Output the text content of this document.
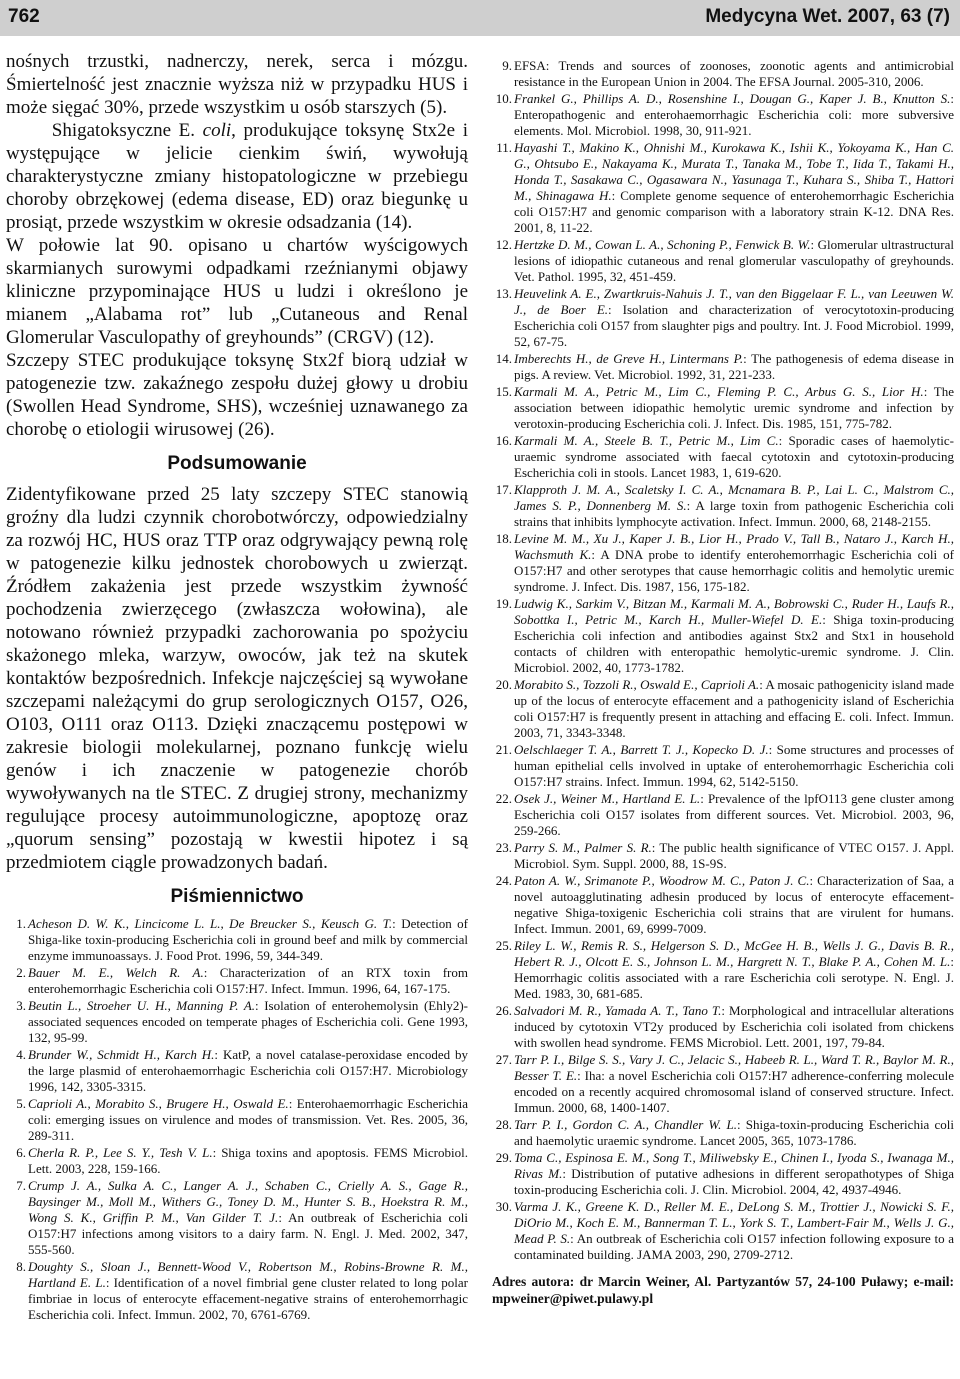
762	Medycyna Wet. 2007, 63 (7)

nośnych trzustki, nadnerczy, nerek, serca i mózgu. Śmiertelność jest znacznie wyższa niż w przypadku HUS i może sięgać 30%, przede wszystkim u osób starszych (5).

Shigatoksyczne E. coli, produkujące toksynę Stx2e i występujące w jelicie cienkim świń, wywołują charakterystyczne zmiany histopatologiczne w przebiegu choroby obrzękowej (edema disease, ED) oraz biegunkę u prosiąt, przede wszystkim w okresie odsadzania (14).

W połowie lat 90. opisano u chartów wyścigowych skarmianych surowymi odpadkami rzeźnianymi objawy kliniczne przypominające HUS u ludzi i określono je mianem „Alabama rot” lub „Cutaneous and Renal Glomerular Vasculopathy of greyhounds” (CRGV) (12).

Szczepy STEC produkujące toksynę Stx2f biorą udział w patogenezie tzw. zakaźnego zespołu dużej głowy u drobiu (Swollen Head Syndrome, SHS), wcześniej uznawanego za chorobę o etiologii wirusowej (26).

Podsumowanie

Zidentyfikowane przed 25 laty szczepy STEC stanowią groźny dla ludzi czynnik chorobotwórczy, odpowiedzialny za rozwój HC, HUS oraz TTP oraz odgrywający pewną rolę w patogenezie kilku jednostek chorobowych u zwierząt. Źródłem zakażenia jest przede wszystkim żywność pochodzenia zwierzęcego (zwłaszcza wołowina), ale notowano również przypadki zachorowania po spożyciu skażonego mleka, warzyw, owoców, jak też na skutek kontaktów bezpośrednich. Infekcje najczęściej są wywołane szczepami należącymi do grup serologicznych O157, O26, O103, O111 oraz O113. Dzięki znaczącemu postępowi w zakresie biologii molekularnej, poznano funkcję wielu genów i ich znaczenie w patogenezie chorób wywoływanych na tle STEC. Z drugiej strony, mechanizmy regulujące procesy autoimmunologiczne, apoptozę oraz „quorum sensing” pozostają w kwestii hipotez i są przedmiotem ciągle prowadzonych badań.

Piśmiennictwo
1. Acheson D. W. K., Lincicome L. L., De Breucker S., Keusch G. T.: Detection of Shiga-like toxin-producing Escherichia coli in ground beef and milk by commercial enzyme immunoassays. J. Food Prot. 1996, 59, 344-349.
2. Bauer M. E., Welch R. A.: Characterization of an RTX toxin from enterohemorrhagic Escherichia coli O157:H7. Infect. Immun. 1996, 64, 167-175.
3. Beutin L., Stroeher U. H., Manning P. A.: Isolation of enterohemolysin (Ehly2)-associated sequences encoded on temperate phages of Escherichia coli. Gene 1993, 132, 95-99.
4. Brunder W., Schmidt H., Karch H.: KatP, a novel catalase-peroxidase encoded by the large plasmid of enterohaemorrhagic Escherichia coli O157:H7. Microbiology 1996, 142, 3305-3315.
5. Caprioli A., Morabito S., Brugere H., Oswald E.: Enterohaemorrhagic Escherichia coli: emerging issues on virulence and modes of transmission. Vet. Res. 2005, 36, 289-311.
6. Cherla R. P., Lee S. Y., Tesh V. L.: Shiga toxins and apoptosis. FEMS Microbiol. Lett. 2003, 228, 159-166.
7. Crump J. A., Sulka A. C., Langer A. J., Schaben C., Crielly A. S., Gage R., Baysinger M., Moll M., Withers G., Toney D. M., Hunter S. B., Hoekstra R. M., Wong S. K., Griffin P. M., Van Gilder T. J.: An outbreak of Escherichia coli O157:H7 infections among visitors to a dairy farm. N. Engl. J. Med. 2002, 347, 555-560.
8. Doughty S., Sloan J., Bennett-Wood V., Robertson M., Robins-Browne R. M., Hartland E. L.: Identification of a novel fimbrial gene cluster related to long polar fimbriae in locus of enterocyte effacement-negative strains of enterohemorrhagic Escherichia coli. Infect. Immun. 2002, 70, 6761-6769.
9. EFSA: Trends and sources of zoonoses, zoonotic agents and antimicrobial resistance in the European Union in 2004. The EFSA Journal. 2005-310, 2006.
10. Frankel G., Phillips A. D., Rosenshine I., Dougan G., Kaper J. B., Knutton S.: Enteropathogenic and enterohaemorrhagic Escherichia coli: more subversive elements. Mol. Microbiol. 1998, 30, 911-921.
11. Hayashi T., Makino K., Ohnishi M., Kurokawa K., Ishii K., Yokoyama K., Han C. G., Ohtsubo E., Nakayama K., Murata T., Tanaka M., Tobe T., Iida T., Takami H., Honda T., Sasakawa C., Ogasawara N., Yasunaga T., Kuhara S., Shiba T., Hattori M., Shinagawa H.: Complete genome sequence of enterohemorrhagic Escherichia coli O157:H7 and genomic comparison with a laboratory strain K-12. DNA Res. 2001, 8, 11-22.
12. Hertzke D. M., Cowan L. A., Schoning P., Fenwick B. W.: Glomerular ultrastructural lesions of idiopathic cutaneous and renal glomerular vasculopathy of greyhounds. Vet. Pathol. 1995, 32, 451-459.
13. Heuvelink A. E., Zwartkruis-Nahuis J. T., van den Biggelaar F. L., van Leeuwen W. J., de Boer E.: Isolation and characterization of verocytotoxin-producing Escherichia coli O157 from slaughter pigs and poultry. Int. J. Food Microbiol. 1999, 52, 67-75.
14. Imberechts H., de Greve H., Lintermans P.: The pathogenesis of edema disease in pigs. A review. Vet. Microbiol. 1992, 31, 221-233.
15. Karmali M. A., Petric M., Lim C., Fleming P. C., Arbus G. S., Lior H.: The association between idiopathic hemolytic uremic syndrome and infection by verotoxin-producing Escherichia coli. J. Infect. Dis. 1985, 151, 775-782.
16. Karmali M. A., Steele B. T., Petric M., Lim C.: Sporadic cases of haemolytic-uraemic syndrome associated with faecal cytotoxin and cytotoxin-producing Escherichia coli in stools. Lancet 1983, 1, 619-620.
17. Klapproth J. M. A., Scaletsky I. C. A., Mcnamara B. P., Lai L. C., Malstrom C., James S. P., Donnenberg M. S.: A large toxin from pathogenic Escherichia coli strains that inhibits lymphocyte activation. Infect. Immun. 2000, 68, 2148-2155.
18. Levine M. M., Xu J., Kaper J. B., Lior H., Prado V., Tall B., Nataro J., Karch H., Wachsmuth K.: A DNA probe to identify enterohemorrhagic Escherichia coli of O157:H7 and other serotypes that cause hemorrhagic colitis and hemolytic uremic syndrome. J. Infect. Dis. 1987, 156, 175-182.
19. Ludwig K., Sarkim V., Bitzan M., Karmali M. A., Bobrowski C., Ruder H., Laufs R., Sobottka I., Petric M., Karch H., Muller-Wiefel D. E.: Shiga toxin-producing Escherichia coli infection and antibodies against Stx2 and Stx1 in household contacts of children with enteropathic hemolytic-uremic syndrome. J. Clin. Microbiol. 2002, 40, 1773-1782.
20. Morabito S., Tozzoli R., Oswald E., Caprioli A.: A mosaic pathogenicity island made up of the locus of enterocyte effacement and a pathogenicity island of Escherichia coli O157:H7 is frequently present in attaching and effacing E. coli. Infect. Immun. 2003, 71, 3343-3348.
21. Oelschlaeger T. A., Barrett T. J., Kopecko D. J.: Some structures and processes of human epithelial cells involved in uptake of enterohemorrhagic Escherichia coli O157:H7 strains. Infect. Immun. 1994, 62, 5142-5150.
22. Osek J., Weiner M., Hartland E. L.: Prevalence of the lpfO113 gene cluster among Escherichia coli O157 isolates from different sources. Vet. Microbiol. 2003, 96, 259-266.
23. Parry S. M., Palmer S. R.: The public health significance of VTEC O157. J. Appl. Microbiol. Sym. Suppl. 2000, 88, 1S-9S.
24. Paton A. W., Srimanote P., Woodrow M. C., Paton J. C.: Characterization of Saa, a novel autoagglutinating adhesin produced by locus of enterocyte effacement-negative Shiga-toxigenic Escherichia coli strains that are virulent for humans. Infect. Immun. 2001, 69, 6999-7009.
25. Riley L. W., Remis R. S., Helgerson S. D., McGee H. B., Wells J. G., Davis B. R., Hebert R. J., Olcott E. S., Johnson L. M., Hargrett N. T., Blake P. A., Cohen M. L.: Hemorrhagic colitis associated with a rare Escherichia coli serotype. N. Engl. J. Med. 1983, 30, 681-685.
26. Salvadori M. R., Yamada A. T., Tano T.: Morphological and intracellular alterations induced by cytotoxin VT2y produced by Escherichia coli isolated from chickens with swollen head syndrome. FEMS Microbiol. Lett. 2001, 197, 79-84.
27. Tarr P. I., Bilge S. S., Vary J. C., Jelacic S., Habeeb R. L., Ward T. R., Baylor M. R., Besser T. E.: Iha: a novel Escherichia coli O157:H7 adherence-conferring molecule encoded on a recently acquired chromosomal island of conserved structure. Infect. Immun. 2000, 68, 1400-1407.
28. Tarr P. I., Gordon C. A., Chandler W. L.: Shiga-toxin-producing Escherichia coli and haemolytic uraemic syndrome. Lancet 2005, 365, 1073-1786.
29. Toma C., Espinosa E. M., Song T., Miliwebsky E., Chinen I., Iyoda S., Iwanaga M., Rivas M.: Distribution of putative adhesions in different seropathotypes of Shiga toxin-producing Escherichia coli. J. Clin. Microbiol. 2004, 42, 4937-4946.
30. Varma J. K., Greene K. D., Reller M. E., DeLong S. M., Trottier J., Nowicki S. F., DiOrio M., Koch E. M., Bannerman T. L., York S. T., Lambert-Fair M., Wells J. G., Mead P. S.: An outbreak of Escherichia coli O157 infection following exposure to a contaminated building. JAMA 2003, 290, 2709-2712.
Adres autora: dr Marcin Weiner, Al. Partyzantów 57, 24-100 Puławy; e-mail: mpweiner@piwet.pulawy.pl
